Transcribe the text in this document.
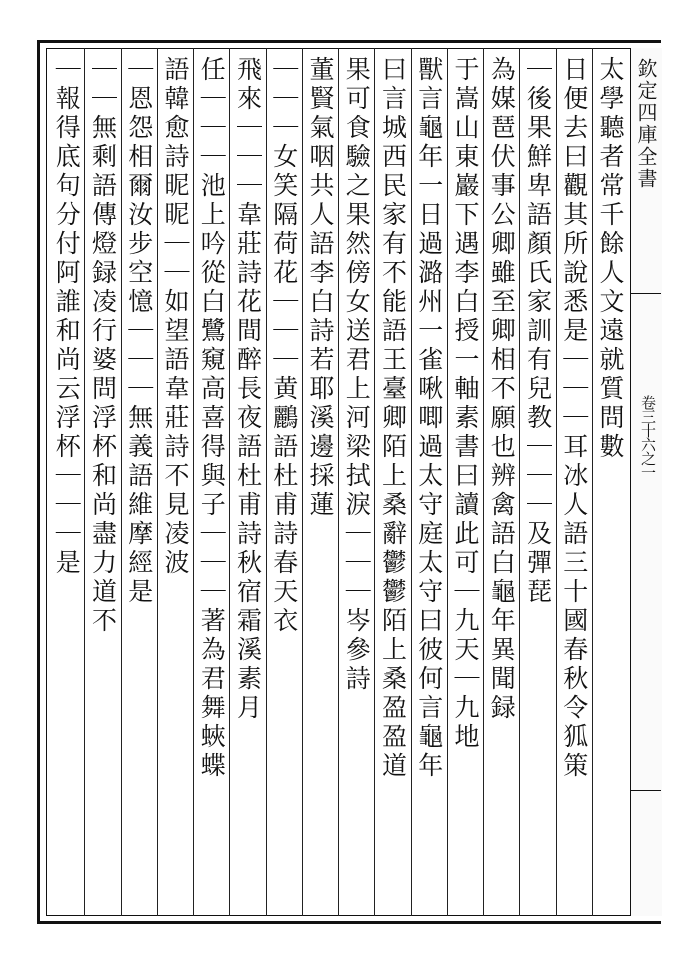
欽定四庫全書
卷三十六之一
太學聽者常千餘人文遠就質問數
日便去曰觀其所說悉是｜｜｜耳冰人語三十國春秋令狐策
｜後果鮮卑語顏氏家訓有兒教｜｜｜及彈琵
為媒琶伏事公卿雖至卿相不願也辨禽語白龜年異聞録
于嵩山東巖下遇李白授一軸素書曰讀此可｜九天｜九地
獸言龜年一日過潞州一雀啾唧過太守庭太守曰彼何言龜年
曰言城西民家有不能語王臺卿陌上桑辭鬱鬱陌上桑盈盈道
果可食驗之果然傍女送君上河梁拭淚｜｜｜岑參詩
董賢氣咽共人語李白詩若耶溪邊採蓮
｜｜｜女笑隔荷花｜｜｜黄鸝語杜甫詩春天衣
飛來｜｜｜韋莊詩花間醉長夜語杜甫詩秋宿霜溪素月
任｜｜｜池上吟從白鷺窺高喜得與子｜｜｜著為君舞蛺蝶
語韓愈詩昵昵｜｜如望語韋莊詩不見凌波
｜恩怨相爾汝步空憶｜｜｜無義語維摩經是
｜｜無剩語傳燈録凌行婆問浮杯和尚盡力道不
｜報得底句分付阿誰和尚云浮杯｜｜｜是
